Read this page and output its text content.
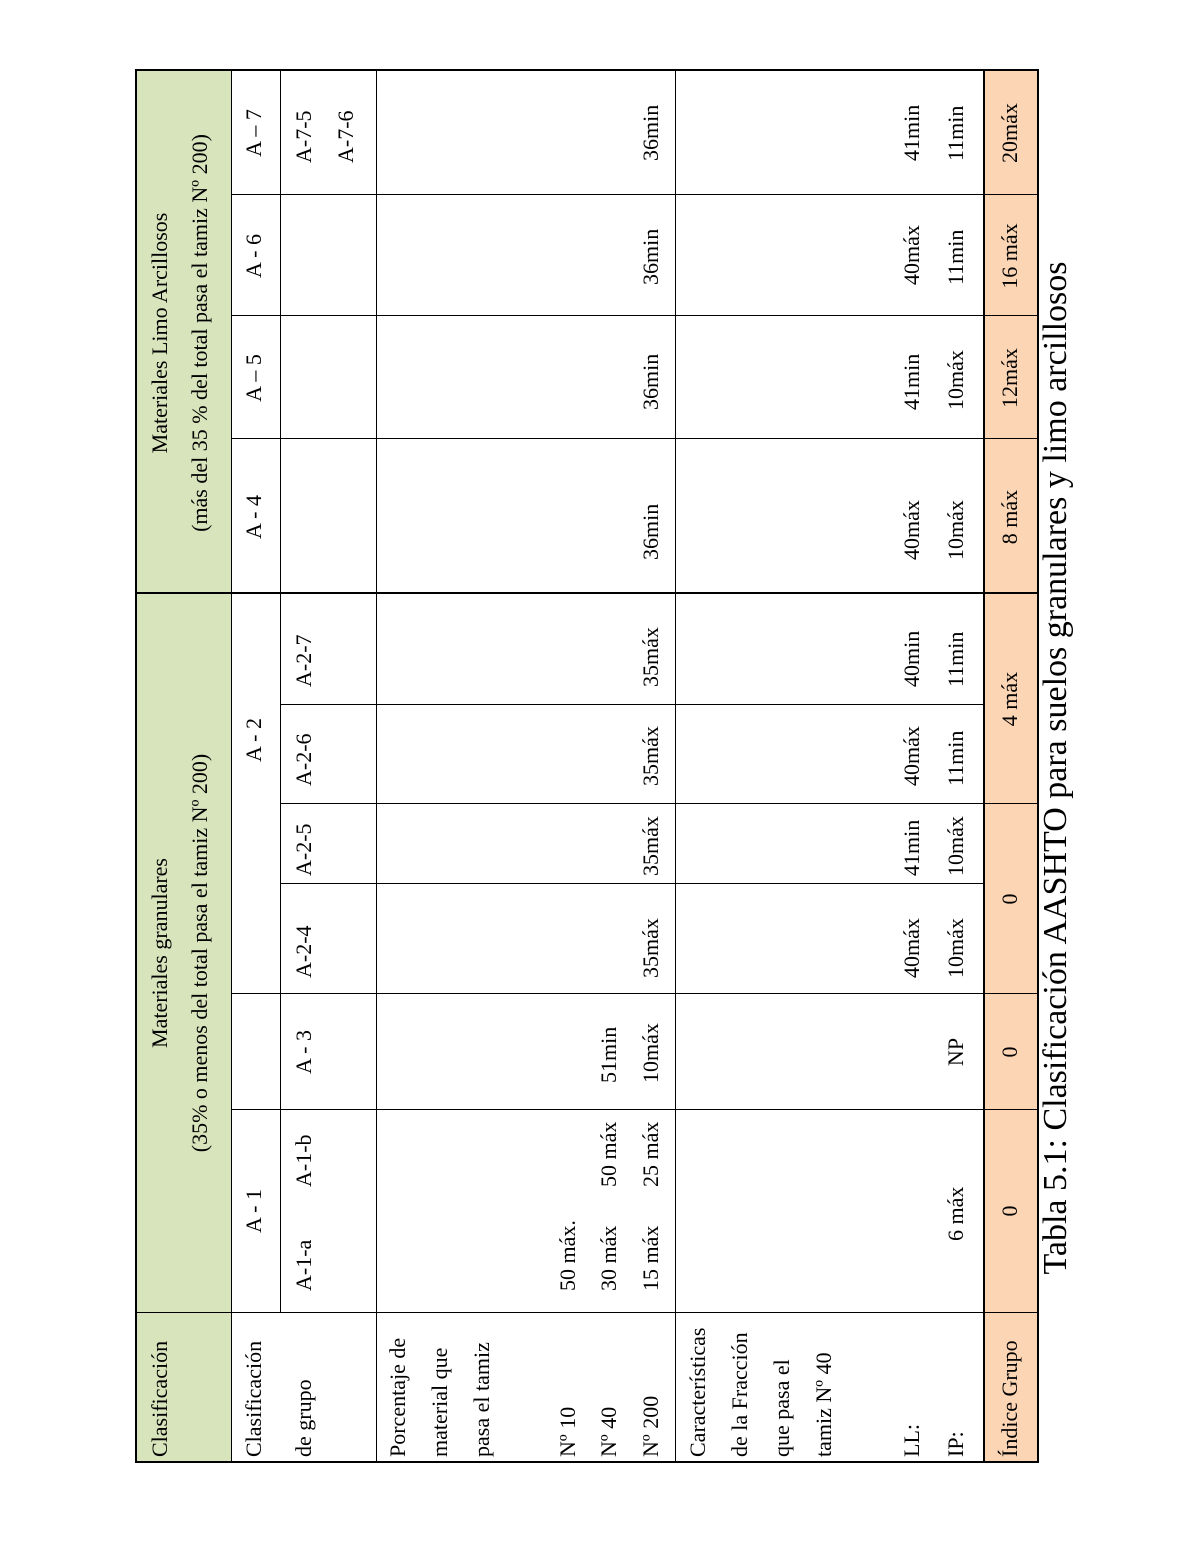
Clasificación
Materiales granulares (35% o menos del total pasa el tamiz Nº 200)
Materiales Limo Arcillosos (más del 35 % del total pasa el tamiz Nº 200)
Clasificación de grupo
A - 1
A-1-a
A-1-b
A - 3
A - 2
A-2-4
A-2-5
A-2-6
A-2-7
A - 4
A – 5
A - 6
A – 7 A-7-5 A-7-6
Porcentaje de material que pasa el tamiz	Nº 10 Nº 40 Nº 200
50 máx. 30 máx 15 máx
50 máx 25 máx
51min 10máx
35máx
35máx
35máx
35máx
36min
36min
36min
36min
Características de la Fracción que pasa el tamiz Nº 40	LL: IP:
6 máx
NP
40máx 10máx
41min 10máx
40máx 11min
40min 11min
40máx 10máx
41min 10máx
40máx 11min
41min 11min
Índice Grupo
0
0
0
4 máx
8 máx
12máx
16 máx
20máx
Tabla 5.1: Clasificación AASHTO para suelos granulares y limo arcillosos
